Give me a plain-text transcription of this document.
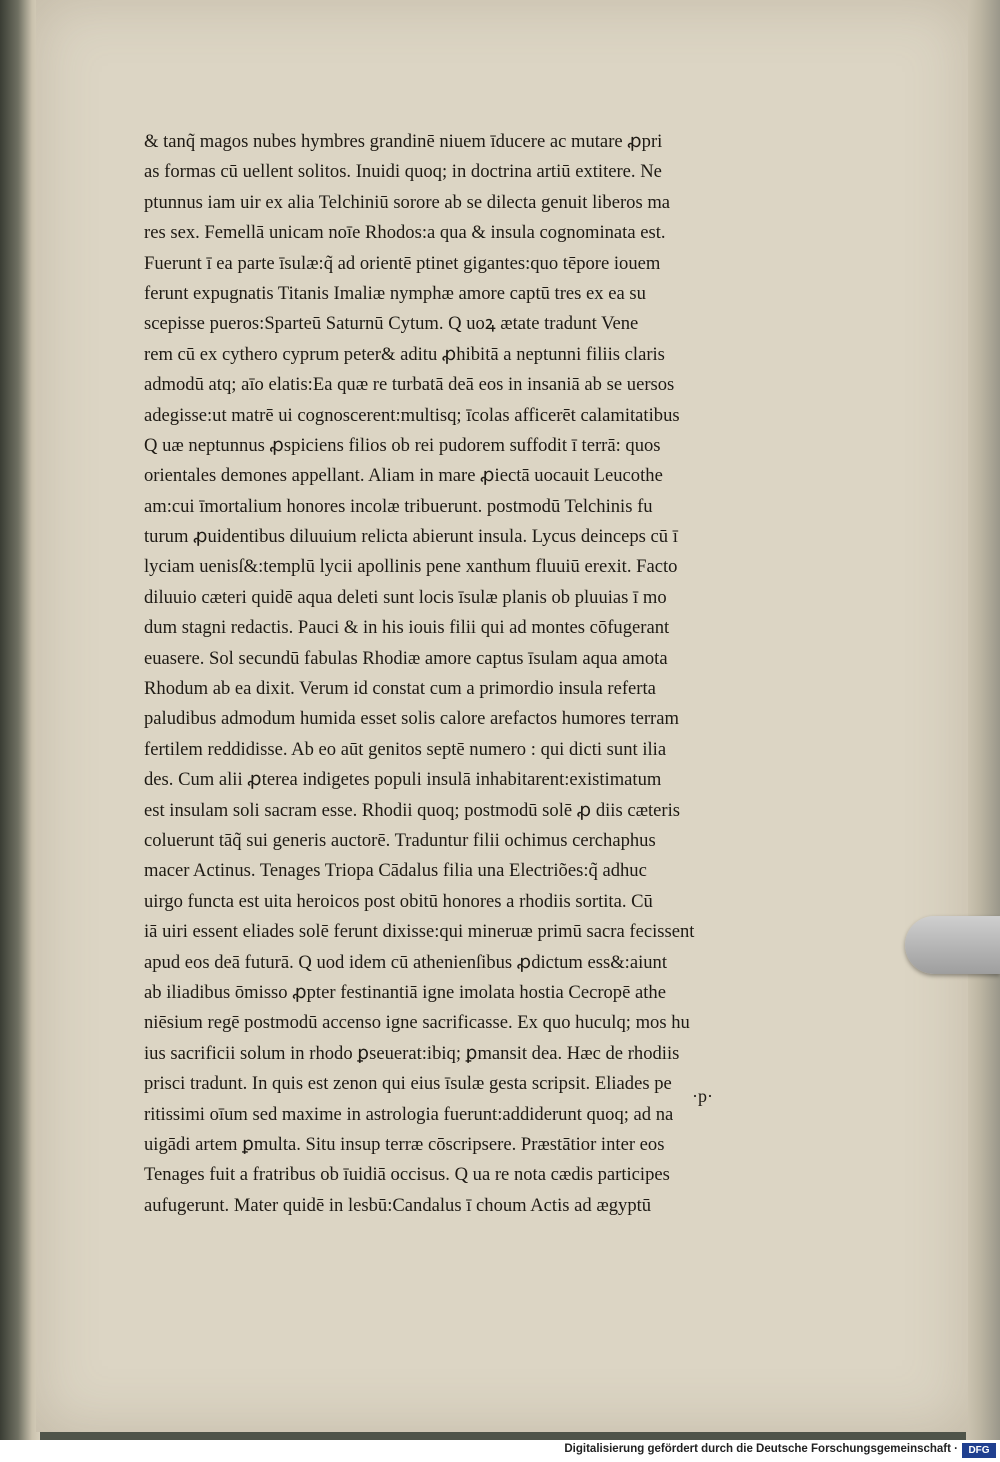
& tanq̃ magos nubes hymbres grandinē niuem īducere ac mutare ꝓpri
as formas cū uellent solitos. Inuidi quoq; in doctrina artiū extitere. Ne
ptunnus iam uir ex alia Telchiniū sorore ab se dilecta genuit liberos ma
res sex. Femellā unicam noīe Rhodos:a qua & insula cognominata est.
Fuerunt ī ea parte īsulæ:q̃ ad orientē ptinet gigantes:quo tēpore iouem
ferunt expugnatis Titanis Imaliæ nymphæ amore captū tres ex ea su
scepisse pueros:Sparteū Saturnū Cytum. Q uoꝝ ætate tradunt Vene
rem cū ex cythero cyprum peter& aditu ꝓhibitā a neptunni filiis claris
admodū atq; aīo elatis:Ea quæ re turbatā deā eos in insaniā ab se uersos
adegisse:ut matrē ui cognoscerent:multisq; īcolas afficerēt calamitatibus
Q uæ neptunnus ꝓspiciens filios ob rei pudorem suffodit ī terrā: quos
orientales demones appellant. Aliam in mare ꝓiectā uocauit Leucothe
am:cui īmortalium honores incolæ tribuerunt. postmodū Telchinis fu
turum ꝓuidentibus diluuium relicta abierunt insula. Lycus deinceps cū ī
lyciam uenisſ&:templū lycii apollinis pene xanthum fluuiū erexit. Facto
diluuio cæteri quidē aqua deleti sunt locis īsulæ planis ob pluuias ī mo
dum stagni redactis. Pauci & in his iouis filii qui ad montes cōfugerant
euasere. Sol secundū fabulas Rhodiæ amore captus īsulam aqua amota
Rhodum ab ea dixit. Verum id constat cum a primordio insula referta
paludibus admodum humida esset solis calore arefactos humores terram
fertilem reddidisse. Ab eo aūt genitos septē numero : qui dicti sunt ilia
des. Cum alii ꝓterea indigetes populi insulā inhabitarent:existimatum
est insulam soli sacram esse. Rhodii quoq; postmodū solē ꝓ diis cæteris
coluerunt tāq̃ sui generis auctorē. Traduntur filii ochimus cerchaphus
macer Actinus. Tenages Triopa Cādalus filia una Electriões:q̃ adhuc
uirgo functa est uita heroicos post obitū honores a rhodiis sortita. Cū
iā uiri essent eliades solē ferunt dixisse:qui mineruæ primū sacra fecissent
apud eos deā futurā. Q uod idem cū athenienſibus ꝓdictum ess&:aiunt
ab iliadibus ōmisso ꝓpter festinantiā igne imolata hostia Cecropē athe
niēsium regē postmodū accenso igne sacrificasse. Ex quo huculq; mos hu
ius sacrificii solum in rhodo ꝑseuerat:ibiq; ꝑmansit dea. Hæc de rhodiis
prisci tradunt. In quis est zenon qui eius īsulæ gesta scripsit. Eliades pe
ritissimi oīum sed maxime in astrologia fuerunt:addiderunt quoq; ad na
uigādi artem ꝑmulta. Situ insup terræ cōscripsere. Præstātior inter eos
Tenages fuit a fratribus ob īuidiā occisus. Q ua re nota cædis participes
aufugerunt. Mater quidē in lesbū:Candalus ī choum Actis ad ægyptū
·p·
Digitalisierung gefördert durch die Deutsche Forschungsgemeinschaft ·	DFG
